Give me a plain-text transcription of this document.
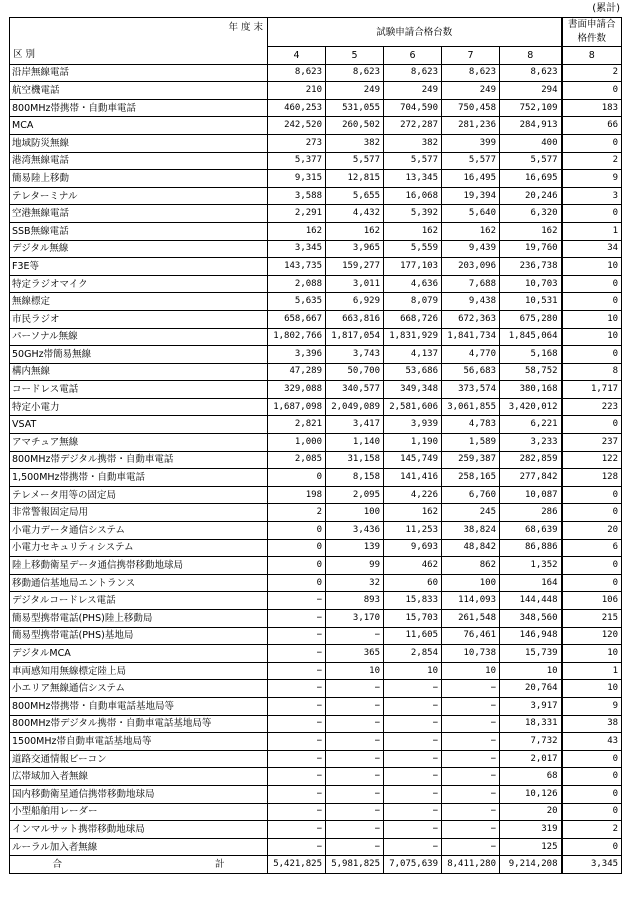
(累計)
年 度 末
区 別	試験申請合格台数					書面申請合格件数
	4	5	6	7	8	8
沿岸無線電話	8,623	8,623	8,623	8,623	8,623	2
航空機電話	210	249	249	249	294	0
800MHz帯携帯・自動車電話	460,253	531,055	704,590	750,458	752,109	183
MCA	242,520	260,502	272,287	281,236	284,913	66
地域防災無線	273	382	382	399	400	0
港湾無線電話	5,377	5,577	5,577	5,577	5,577	2
簡易陸上移動	9,315	12,815	13,345	16,495	16,695	9
テレターミナル	3,588	5,655	16,068	19,394	20,246	3
空港無線電話	2,291	4,432	5,392	5,640	6,320	0
SSB無線電話	162	162	162	162	162	1
デジタル無線	3,345	3,965	5,559	9,439	19,760	34
F3E等	143,735	159,277	177,103	203,096	236,738	10
特定ラジオマイク	2,088	3,011	4,636	7,688	10,703	0
無線標定	5,635	6,929	8,079	9,438	10,531	0
市民ラジオ	658,667	663,816	668,726	672,363	675,280	10
パーソナル無線	1,802,766	1,817,054	1,831,929	1,841,734	1,845,064	10
50GHz帯簡易無線	3,396	3,743	4,137	4,770	5,168	0
構内無線	47,289	50,700	53,686	56,683	58,752	8
コードレス電話	329,088	340,577	349,348	373,574	380,168	1,717
特定小電力	1,687,098	2,049,089	2,581,606	3,061,855	3,420,012	223
VSAT	2,821	3,417	3,939	4,783	6,221	0
アマチュア無線	1,000	1,140	1,190	1,589	3,233	237
800MHz帯デジタル携帯・自動車電話	2,085	31,158	145,749	259,387	282,859	122
1,500MHz帯携帯・自動車電話	0	8,158	141,416	258,165	277,842	128
テレメータ用等の固定局	198	2,095	4,226	6,760	10,087	0
非常警報固定局用	2	100	162	245	286	0
小電力データ通信システム	0	3,436	11,253	38,824	68,639	20
小電力セキュリティシステム	0	139	9,693	48,842	86,886	6
陸上移動衛星データ通信携帯移動地球局	0	99	462	862	1,352	0
移動通信基地局エントランス	0	32	60	100	164	0
デジタルコードレス電話	−	893	15,833	114,093	144,448	106
簡易型携帯電話(PHS)陸上移動局	−	3,170	15,703	261,548	348,560	215
簡易型携帯電話(PHS)基地局	−	−	11,605	76,461	146,948	120
デジタルMCA	−	365	2,854	10,738	15,739	10
車両感知用無線標定陸上局	−	10	10	10	10	1
小エリア無線通信システム	−	−	−	−	20,764	10
800MHz帯携帯・自動車電話基地局等	−	−	−	−	3,917	9
800MHz帯デジタル携帯・自動車電話基地局等	−	−	−	−	18,331	38
1500MHz帯自動車電話基地局等	−	−	−	−	7,732	43
道路交通情報ビーコン	−	−	−	−	2,017	0
広帯域加入者無線	−	−	−	−	68	0
国内移動衛星通信携帯移動地球局	−	−	−	−	10,126	0
小型船舶用レーダー	−	−	−	−	20	0
インマルサット携帯移動地球局	−	−	−	−	319	2
ルーラル加入者無線	−	−	−	−	125	0
合 計	5,421,825	5,981,825	7,075,639	8,411,280	9,214,208	3,345
